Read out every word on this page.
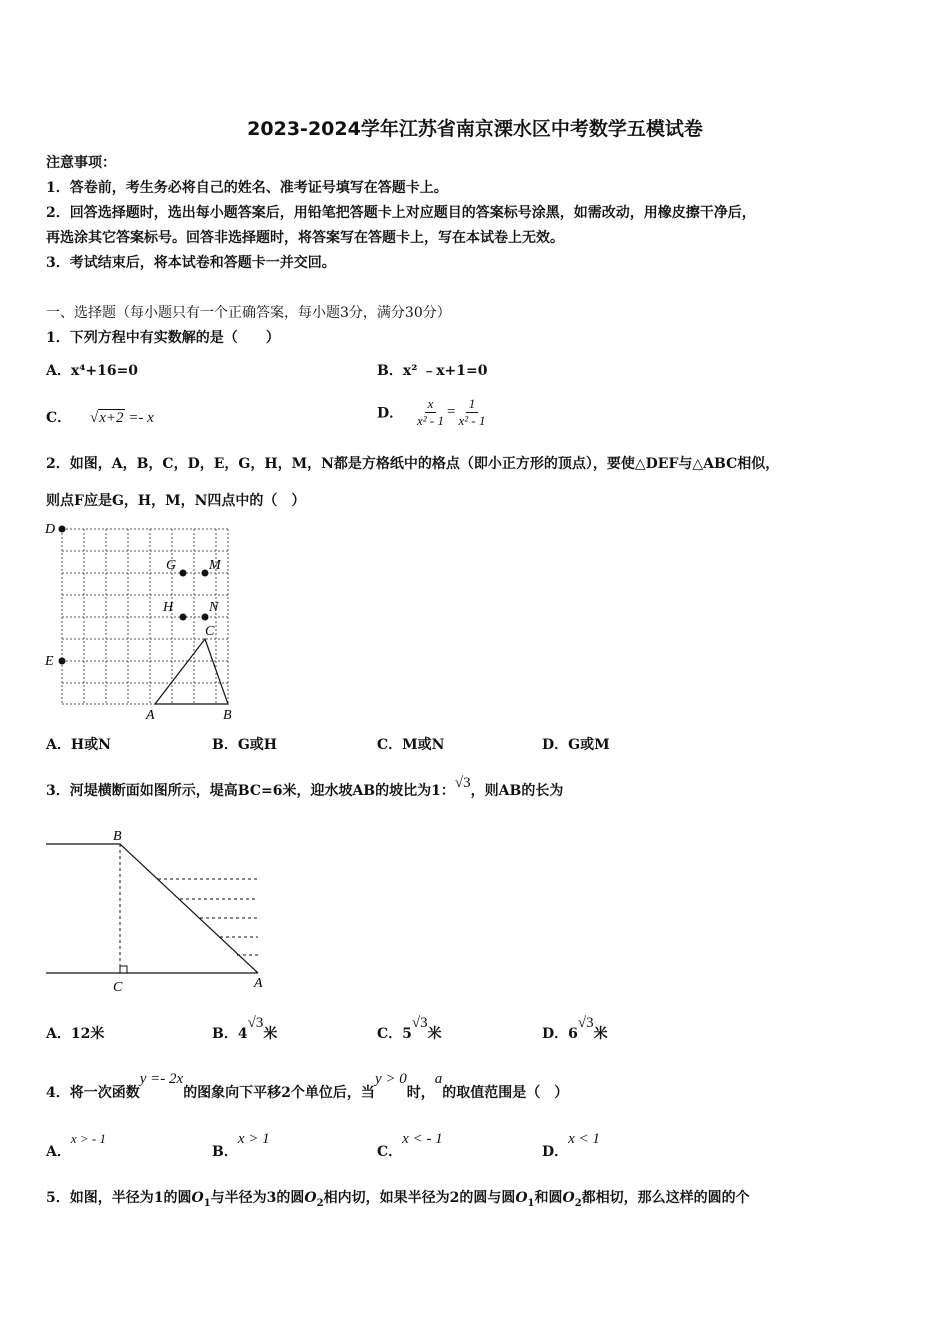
2023-2024学年江苏省南京溧水区中考数学五模试卷
注意事项：
1．答卷前，考生务必将自己的姓名、准考证号填写在答题卡上。
2．回答选择题时，选出每小题答案后，用铅笔把答题卡上对应题目的答案标号涂黑，如需改动，用橡皮擦干净后，
再选涂其它答案标号。回答非选择题时，将答案写在答题卡上，写在本试卷上无效。
3．考试结束后，将本试卷和答题卡一并交回。
一、选择题（每小题只有一个正确答案，每小题3分，满分30分）
1．下列方程中有实数解的是（　　）
A．x⁴+16=0	B．x² ﹣x+1=0
C． √x+2 =- x	D． $\frac{x}{\text{x² - 1}} = \frac{1}{\text{x² - 1}}$
2．如图，A，B，C，D，E，G，H，M，N都是方格纸中的格点（即小正方形的顶点），要使△DEF与△ABC相似，
则点F应是G，H，M，N四点中的（　）
D
E
G M
H	N
C
A	B
A．H或N	B．G或H	C．M或N	D．G或M
3．河堤横断面如图所示，堤高BC=6米，迎水坡AB的坡比为1：√3，则AB的长为
B
C	A
A．12米	B．4√3米	C．5√3米	D．6√3米
4．将一次函数y =- 2x的图象向下平移2个单位后，当y > 0时，a的取值范围是（　）
A．x > - 1
B．x > 1
C．x < - 1
D．x < 1
5．如图，半径为1的圆$O_1$与半径为3的圆$O_2$相内切，如果半径为2的圆与圆$O_1$和圆$O_2$都相切，那么这样的圆的个
